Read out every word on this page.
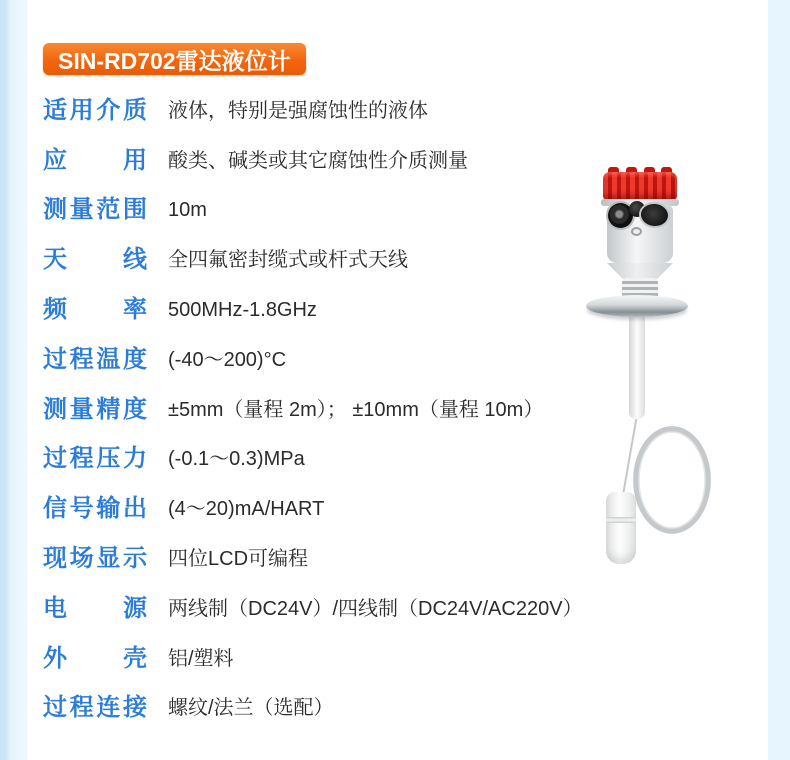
SIN-RD702雷达液位计
适用介质 液体，特别是强腐蚀性的液体
应用 酸类、碱类或其它腐蚀性介质测量
测量范围 10m
天线 全四氟密封缆式或杆式天线
频率 500MHz-1.8GHz
过程温度 (-40～200)°C
测量精度 ±5mm（量程 2m）； ±10mm（量程 10m）
过程压力 (-0.1～0.3)MPa
信号输出 (4～20)mA/HART
现场显示 四位LCD可编程
电源 两线制（DC24V）/四线制（DC24V/AC220V）
外壳 铝/塑料
过程连接 螺纹/法兰（选配）
